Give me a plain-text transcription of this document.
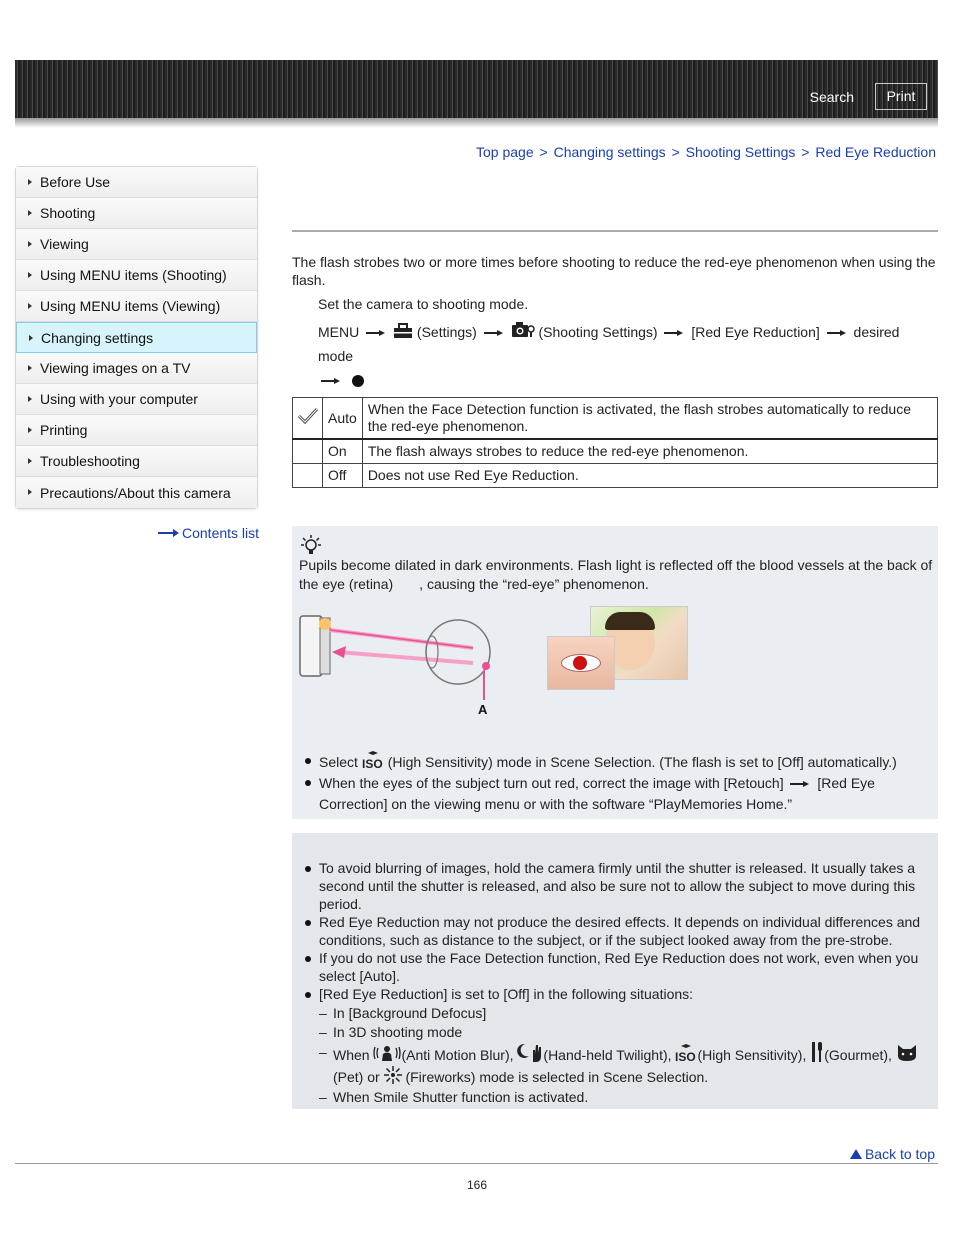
Search	Print
Top page > Changing settings > Shooting Settings > Red Eye Reduction
Before Use
Shooting
Viewing
Using MENU items (Shooting)
Using MENU items (Viewing)
Changing settings
Viewing images on a TV
Using with your computer
Printing
Troubleshooting
Precautions/About this camera
Contents list

The flash strobes two or more times before shooting to reduce the red-eye phenomenon when using the flash.

Set the camera to shooting mode.

MENU	(Settings)	(Shooting Settings) [Red Eye Reduction] desired mode

	Auto	When the Face Detection function is activated, the flash strobes automatically to reduce the red-eye phenomenon.
	On	The flash always strobes to reduce the red-eye phenomenon.
	Off	Does not use Red Eye Reduction.

Pupils become dilated in dark environments. Flash light is reflected off the blood vessels at the back of the eye (retina) , causing the “red-eye” phenomenon.

A
Select ISO (High Sensitivity) mode in Scene Selection. (The flash is set to [Off] automatically.)
When the eyes of the subject turn out red, correct the image with [Retouch] [Red Eye Correction] on the viewing menu or with the software “PlayMemories Home.”
To avoid blurring of images, hold the camera firmly until the shutter is released. It usually takes a second until the shutter is released, and also be sure not to allow the subject to move during this period.
Red Eye Reduction may not produce the desired effects. It depends on individual differences and conditions, such as distance to the subject, or if the subject looked away from the pre-strobe.
If you do not use the Face Detection function, Red Eye Reduction does not work, even when you select [Auto].
[Red Eye Reduction] is set to [Off] in the following situations:
– In [Background Defocus]
– In 3D shooting mode
– When (Anti Motion Blur), (Hand-held Twilight), ISO (High Sensitivity), (Gourmet),
(Pet) or (Fireworks) mode is selected in Scene Selection.
– When Smile Shutter function is activated.
Back to top
166
